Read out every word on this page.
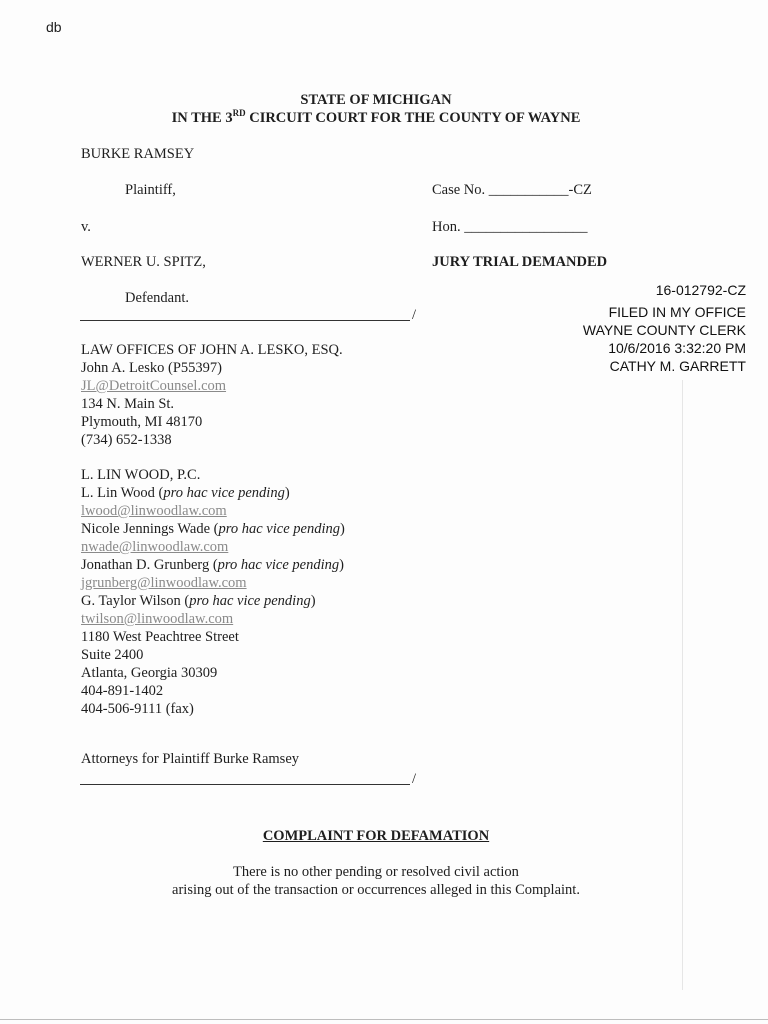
db
STATE OF MICHIGAN
IN THE 3RD CIRCUIT COURT FOR THE COUNTY OF WAYNE
BURKE RAMSEY
Plaintiff,
v.
WERNER U. SPITZ,
Defendant.
/
Case No. ___________-CZ
Hon. _________________
JURY TRIAL DEMANDED
16-012792-CZ
FILED IN MY OFFICE
WAYNE COUNTY CLERK
10/6/2016 3:32:20 PM
CATHY M. GARRETT
LAW OFFICES OF JOHN A. LESKO, ESQ.
John A. Lesko (P55397)
JL@DetroitCounsel.com
134 N. Main St.
Plymouth, MI 48170
(734) 652-1338
L. LIN WOOD, P.C.
L. Lin Wood (pro hac vice pending)
lwood@linwoodlaw.com
Nicole Jennings Wade (pro hac vice pending)
nwade@linwoodlaw.com
Jonathan D. Grunberg (pro hac vice pending)
jgrunberg@linwoodlaw.com
G. Taylor Wilson (pro hac vice pending)
twilson@linwoodlaw.com
1180 West Peachtree Street
Suite 2400
Atlanta, Georgia 30309
404-891-1402
404-506-9111 (fax)
Attorneys for Plaintiff Burke Ramsey
/
COMPLAINT FOR DEFAMATION
There is no other pending or resolved civil action
arising out of the transaction or occurrences alleged in this Complaint.
